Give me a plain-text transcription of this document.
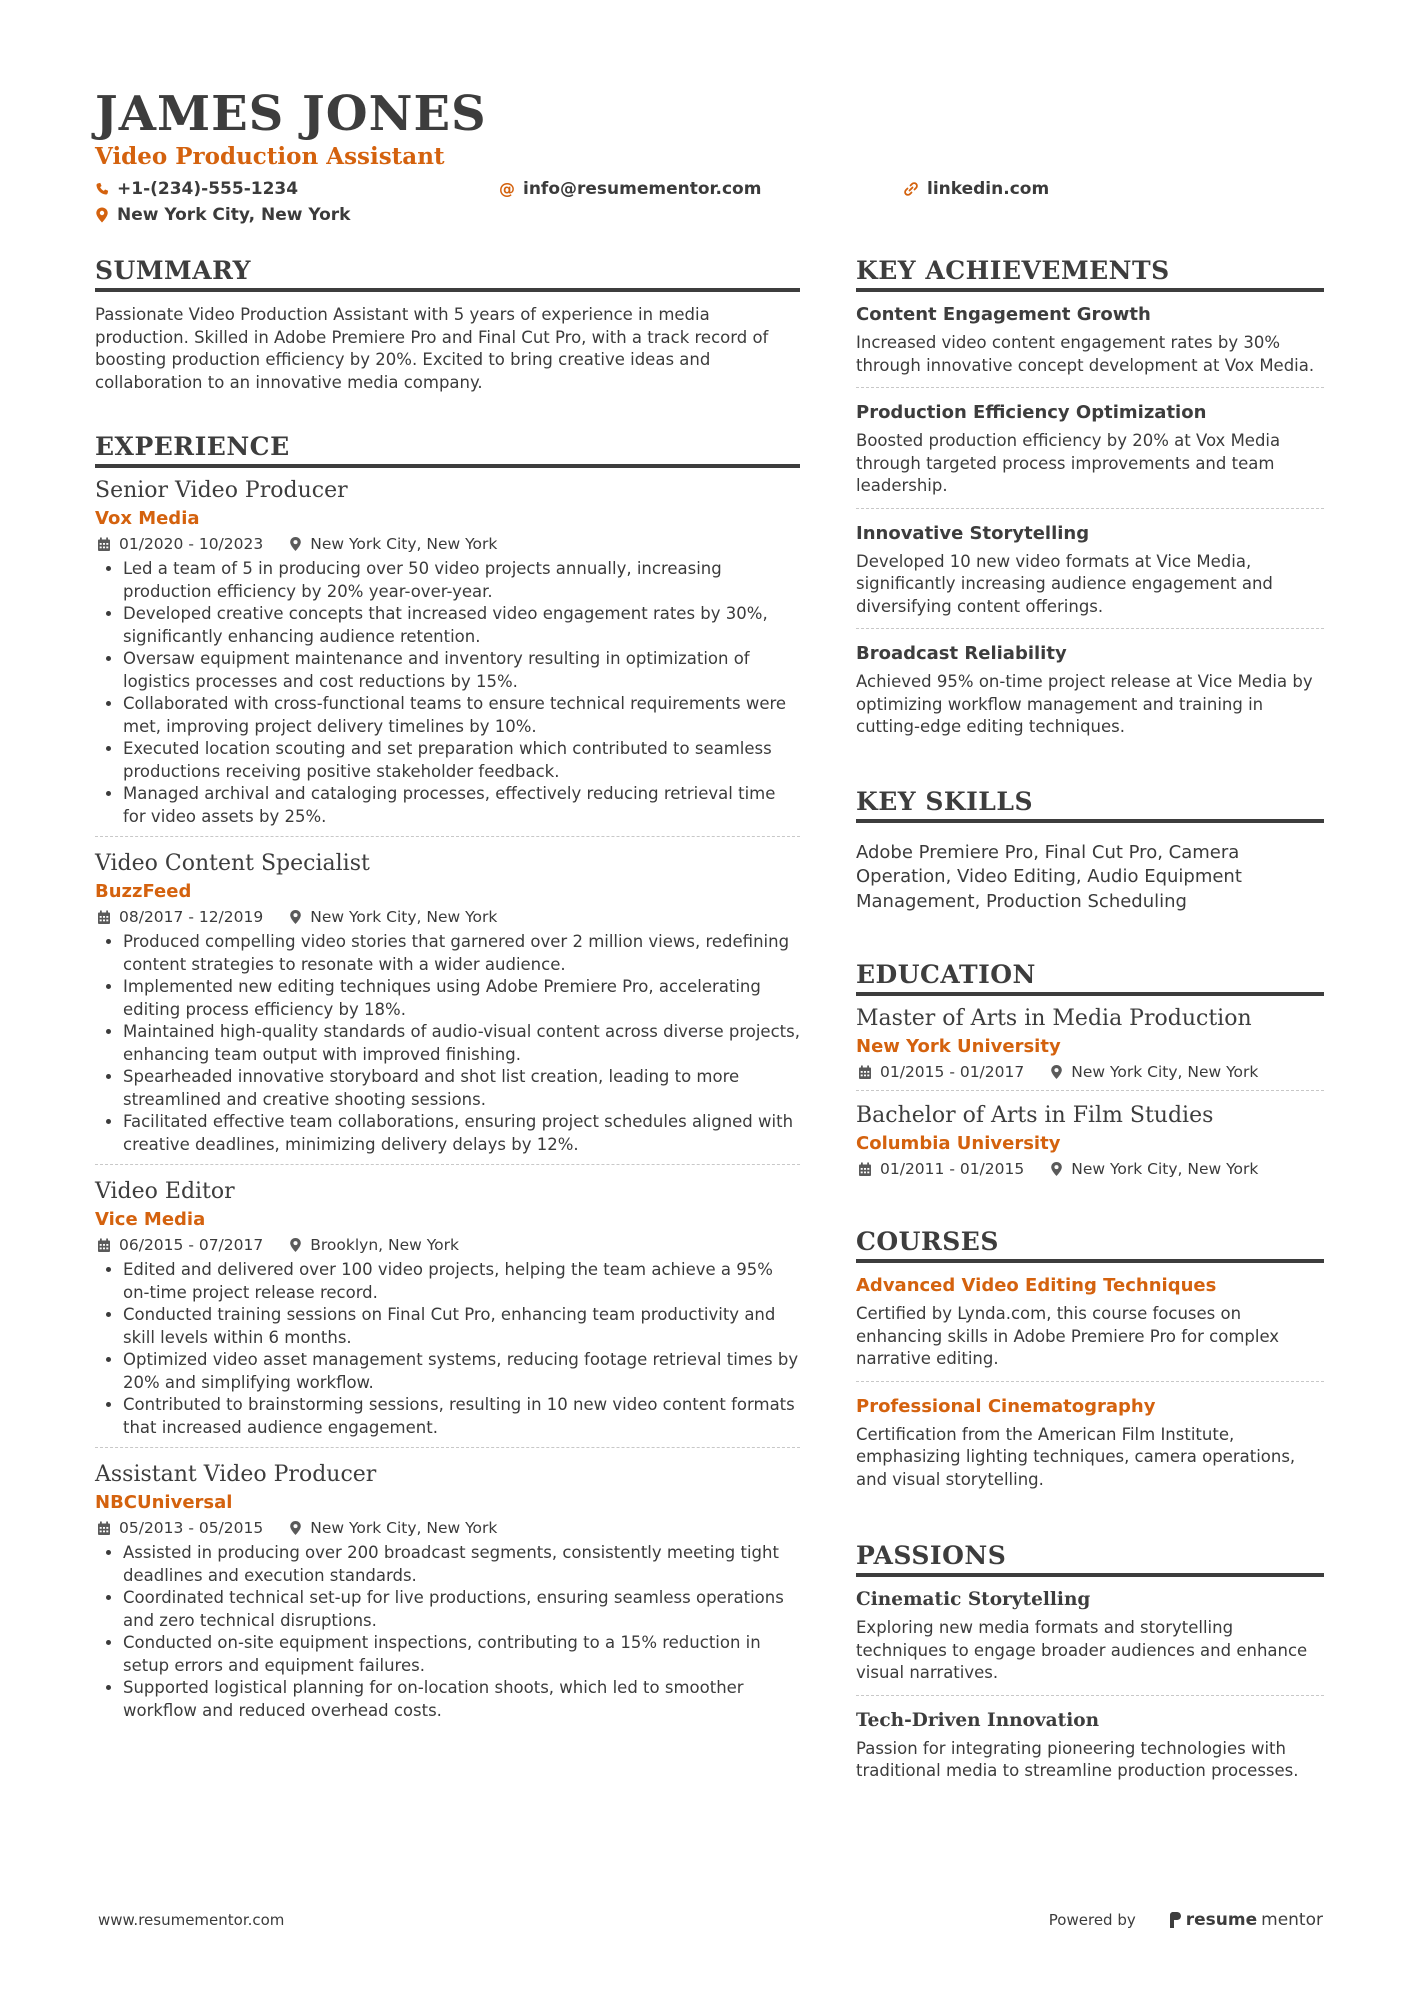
JAMES JONES
Video Production Assistant
+1-(234)-555-1234	@ info@resumementor.com	linkedin.com
New York City, New York
SUMMARY
Passionate Video Production Assistant with 5 years of experience in media production. Skilled in Adobe Premiere Pro and Final Cut Pro, with a track record of boosting production efficiency by 20%. Excited to bring creative ideas and collaboration to an innovative media company.
EXPERIENCE
Senior Video Producer
Vox Media
01/2020 - 10/2023	New York City, New York
• Led a team of 5 in producing over 50 video projects annually, increasing production efficiency by 20% year-over-year.
• Developed creative concepts that increased video engagement rates by 30%, significantly enhancing audience retention.
• Oversaw equipment maintenance and inventory resulting in optimization of logistics processes and cost reductions by 15%.
• Collaborated with cross-functional teams to ensure technical requirements were met, improving project delivery timelines by 10%.
• Executed location scouting and set preparation which contributed to seamless productions receiving positive stakeholder feedback.
• Managed archival and cataloging processes, effectively reducing retrieval time for video assets by 25%.
Video Content Specialist
BuzzFeed
08/2017 - 12/2019	New York City, New York
• Produced compelling video stories that garnered over 2 million views, redefining content strategies to resonate with a wider audience.
• Implemented new editing techniques using Adobe Premiere Pro, accelerating editing process efficiency by 18%.
• Maintained high-quality standards of audio-visual content across diverse projects, enhancing team output with improved finishing.
• Spearheaded innovative storyboard and shot list creation, leading to more streamlined and creative shooting sessions.
• Facilitated effective team collaborations, ensuring project schedules aligned with creative deadlines, minimizing delivery delays by 12%.
Video Editor
Vice Media
06/2015 - 07/2017	Brooklyn, New York
• Edited and delivered over 100 video projects, helping the team achieve a 95% on-time project release record.
• Conducted training sessions on Final Cut Pro, enhancing team productivity and skill levels within 6 months.
• Optimized video asset management systems, reducing footage retrieval times by 20% and simplifying workflow.
• Contributed to brainstorming sessions, resulting in 10 new video content formats that increased audience engagement.
Assistant Video Producer
NBCUniversal
05/2013 - 05/2015	New York City, New York
• Assisted in producing over 200 broadcast segments, consistently meeting tight deadlines and execution standards.
• Coordinated technical set-up for live productions, ensuring seamless operations and zero technical disruptions.
• Conducted on-site equipment inspections, contributing to a 15% reduction in setup errors and equipment failures.
• Supported logistical planning for on-location shoots, which led to smoother workflow and reduced overhead costs.
KEY ACHIEVEMENTS
Content Engagement Growth
Increased video content engagement rates by 30% through innovative concept development at Vox Media.
Production Efficiency Optimization
Boosted production efficiency by 20% at Vox Media through targeted process improvements and team leadership.
Innovative Storytelling
Developed 10 new video formats at Vice Media, significantly increasing audience engagement and diversifying content offerings.
Broadcast Reliability
Achieved 95% on-time project release at Vice Media by optimizing workflow management and training in cutting-edge editing techniques.
KEY SKILLS
Adobe Premiere Pro, Final Cut Pro, Camera Operation, Video Editing, Audio Equipment Management, Production Scheduling
EDUCATION
Master of Arts in Media Production
New York University
01/2015 - 01/2017	New York City, New York
Bachelor of Arts in Film Studies
Columbia University
01/2011 - 01/2015	New York City, New York
COURSES
Advanced Video Editing Techniques
Certified by Lynda.com, this course focuses on enhancing skills in Adobe Premiere Pro for complex narrative editing.
Professional Cinematography
Certification from the American Film Institute, emphasizing lighting techniques, camera operations, and visual storytelling.
PASSIONS
Cinematic Storytelling
Exploring new media formats and storytelling techniques to engage broader audiences and enhance visual narratives.
Tech-Driven Innovation
Passion for integrating pioneering technologies with traditional media to streamline production processes.
www.resumementor.com	Powered by	resume mentor
